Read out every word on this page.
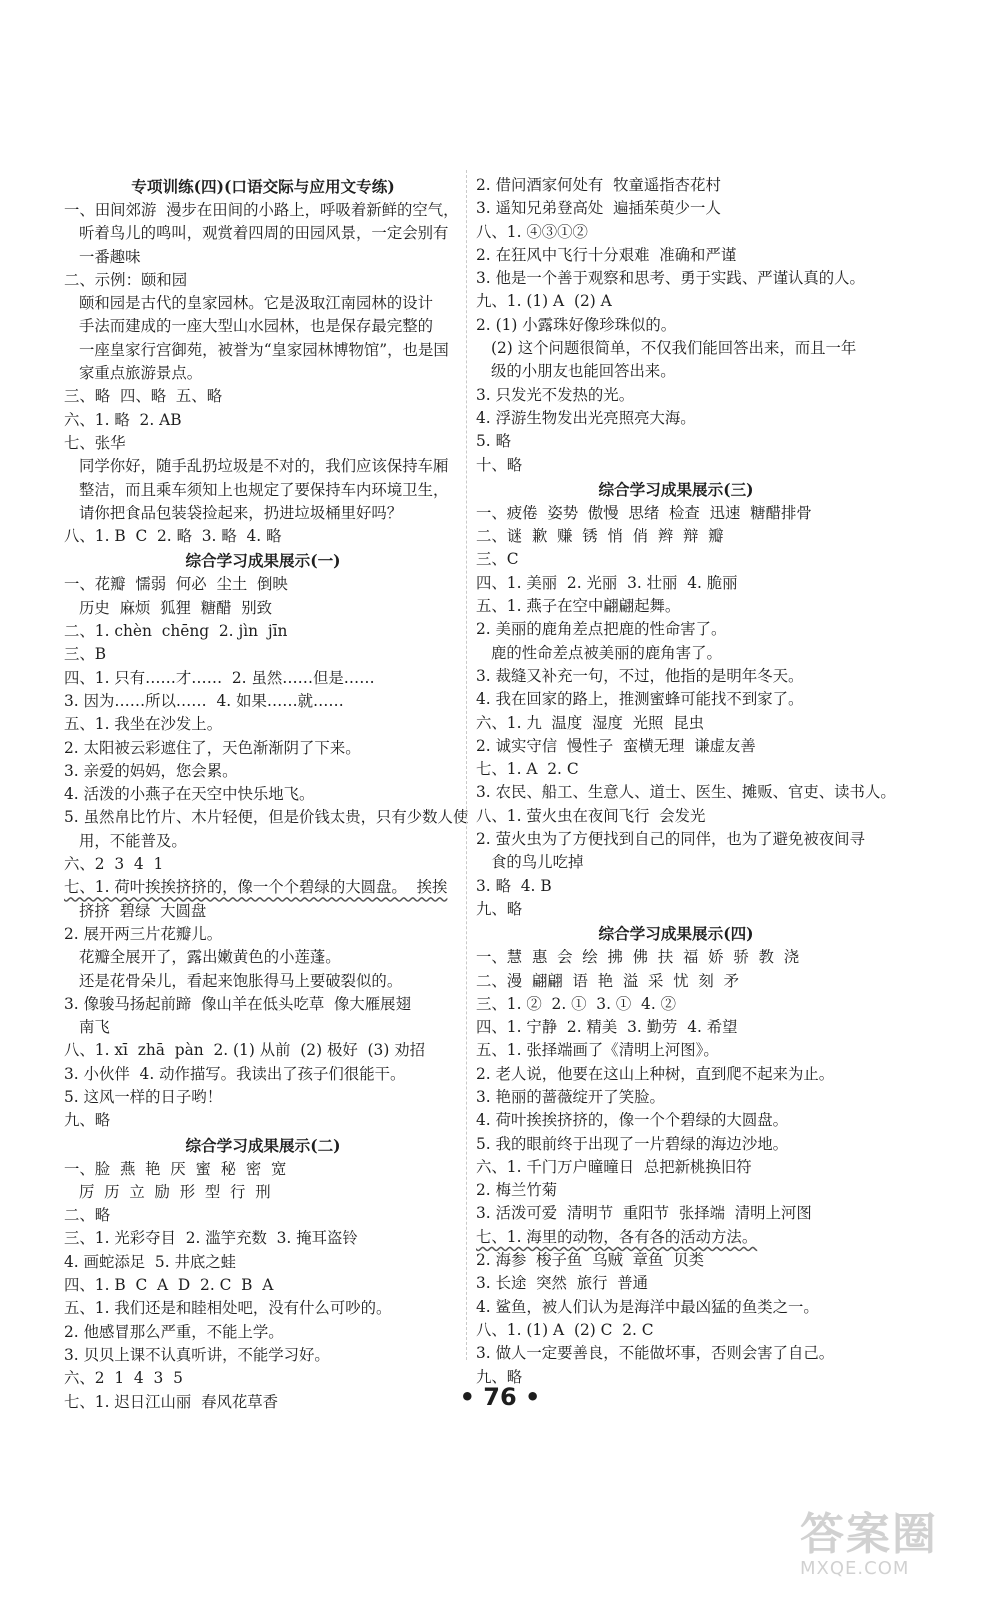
专项训练(四)(口语交际与应用文专练)
一、田间郊游  漫步在田间的小路上，呼吸着新鲜的空气，
听着鸟儿的鸣叫，观赏着四周的田园风景，一定会别有
一番趣味
二、示例：颐和园
颐和园是古代的皇家园林。它是汲取江南园林的设计
手法而建成的一座大型山水园林，也是保存最完整的
一座皇家行宫御苑，被誉为“皇家园林博物馆”，也是国
家重点旅游景点。
三、略  四、略  五、略
六、1. 略  2. AB
七、张华
同学你好，随手乱扔垃圾是不对的，我们应该保持车厢
整洁，而且乘车须知上也规定了要保持车内环境卫生，
请你把食品包装袋捡起来，扔进垃圾桶里好吗？
八、1. B  C  2. 略  3. 略  4. 略
综合学习成果展示(一)
一、花瓣  懦弱  何必  尘土  倒映
历史  麻烦  狐狸  糖醋  别致
二、1. chèn  chēng  2. jìn  jīn
三、B
四、1. 只有……才……  2. 虽然……但是……
3. 因为……所以……  4. 如果……就……
五、1. 我坐在沙发上。
2. 太阳被云彩遮住了，天色渐渐阴了下来。
3. 亲爱的妈妈，您会累。
4. 活泼的小燕子在天空中快乐地飞。
5. 虽然帛比竹片、木片轻便，但是价钱太贵，只有少数人使
用，不能普及。
六、2  3  4  1
七、1. 荷叶挨挨挤挤的，像一个个碧绿的大圆盘。  挨挨
挤挤  碧绿  大圆盘
2. 展开两三片花瓣儿。
花瓣全展开了，露出嫩黄色的小莲蓬。
还是花骨朵儿，看起来饱胀得马上要破裂似的。
3. 像骏马扬起前蹄  像山羊在低头吃草  像大雁展翅
南飞
八、1. xī  zhā  pàn  2. (1) 从前  (2) 极好  (3) 劝招
3. 小伙伴  4. 动作描写。我读出了孩子们很能干。
5. 这风一样的日子哟！
九、略
综合学习成果展示(二)
一、脸  燕  艳  厌  蜜  秘  密  宽
厉  历  立  励  形  型  行  刑
二、略
三、1. 光彩夺目  2. 滥竽充数  3. 掩耳盗铃
4. 画蛇添足  5. 井底之蛙
四、1. B  C  A  D  2. C  B  A
五、1. 我们还是和睦相处吧，没有什么可吵的。
2. 他感冒那么严重，不能上学。
3. 贝贝上课不认真听讲，不能学习好。
六、2  1  4  3  5
七、1. 迟日江山丽  春风花草香
2. 借问酒家何处有  牧童遥指杏花村
3. 遥知兄弟登高处  遍插茱萸少一人
八、1. ④③①②
2. 在狂风中飞行十分艰难  准确和严谨
3. 他是一个善于观察和思考、勇于实践、严谨认真的人。
九、1. (1) A  (2) A
2. (1) 小露珠好像珍珠似的。
(2) 这个问题很简单，不仅我们能回答出来，而且一年
级的小朋友也能回答出来。
3. 只发光不发热的光。
4. 浮游生物发出光亮照亮大海。
5. 略
十、略
综合学习成果展示(三)
一、疲倦  姿势  傲慢  思绪  检查  迅速  糖醋排骨
二、谜  歉  赚  锈  悄  俏  辫  辩  瓣
三、C
四、1. 美丽  2. 光丽  3. 壮丽  4. 脆丽
五、1. 燕子在空中翩翩起舞。
2. 美丽的鹿角差点把鹿的性命害了。
鹿的性命差点被美丽的鹿角害了。
3. 裁缝又补充一句，不过，他指的是明年冬天。
4. 我在回家的路上，推测蜜蜂可能找不到家了。
六、1. 九  温度  湿度  光照  昆虫
2. 诚实守信  慢性子  蛮横无理  谦虚友善
七、1. A  2. C
3. 农民、船工、生意人、道士、医生、摊贩、官吏、读书人。
八、1. 萤火虫在夜间飞行  会发光
2. 萤火虫为了方便找到自己的同伴，也为了避免被夜间寻
食的鸟儿吃掉
3. 略  4. B
九、略
综合学习成果展示(四)
一、慧  惠  会  绘  拂  佛  扶  福  娇  骄  教  浇
二、漫  翩翩  语  艳  溢  采  忧  刻  矛
三、1. ②  2. ①  3. ①  4. ②
四、1. 宁静  2. 精美  3. 勤劳  4. 希望
五、1. 张择端画了《清明上河图》。
2. 老人说，他要在这山上种树，直到爬不起来为止。
3. 艳丽的蔷薇绽开了笑脸。
4. 荷叶挨挨挤挤的，像一个个碧绿的大圆盘。
5. 我的眼前终于出现了一片碧绿的海边沙地。
六、1. 千门万户曈曈日  总把新桃换旧符
2. 梅兰竹菊
3. 活泼可爱  清明节  重阳节  张择端  清明上河图
七、1. 海里的动物，各有各的活动方法。
2. 海参  梭子鱼  乌贼  章鱼  贝类
3. 长途  突然  旅行  普通
4. 鲨鱼，被人们认为是海洋中最凶猛的鱼类之一。
八、1. (1) A  (2) C  2. C
3. 做人一定要善良，不能做坏事，否则会害了自己。
九、略
• 76 •
答案圈
MXQE.COM
